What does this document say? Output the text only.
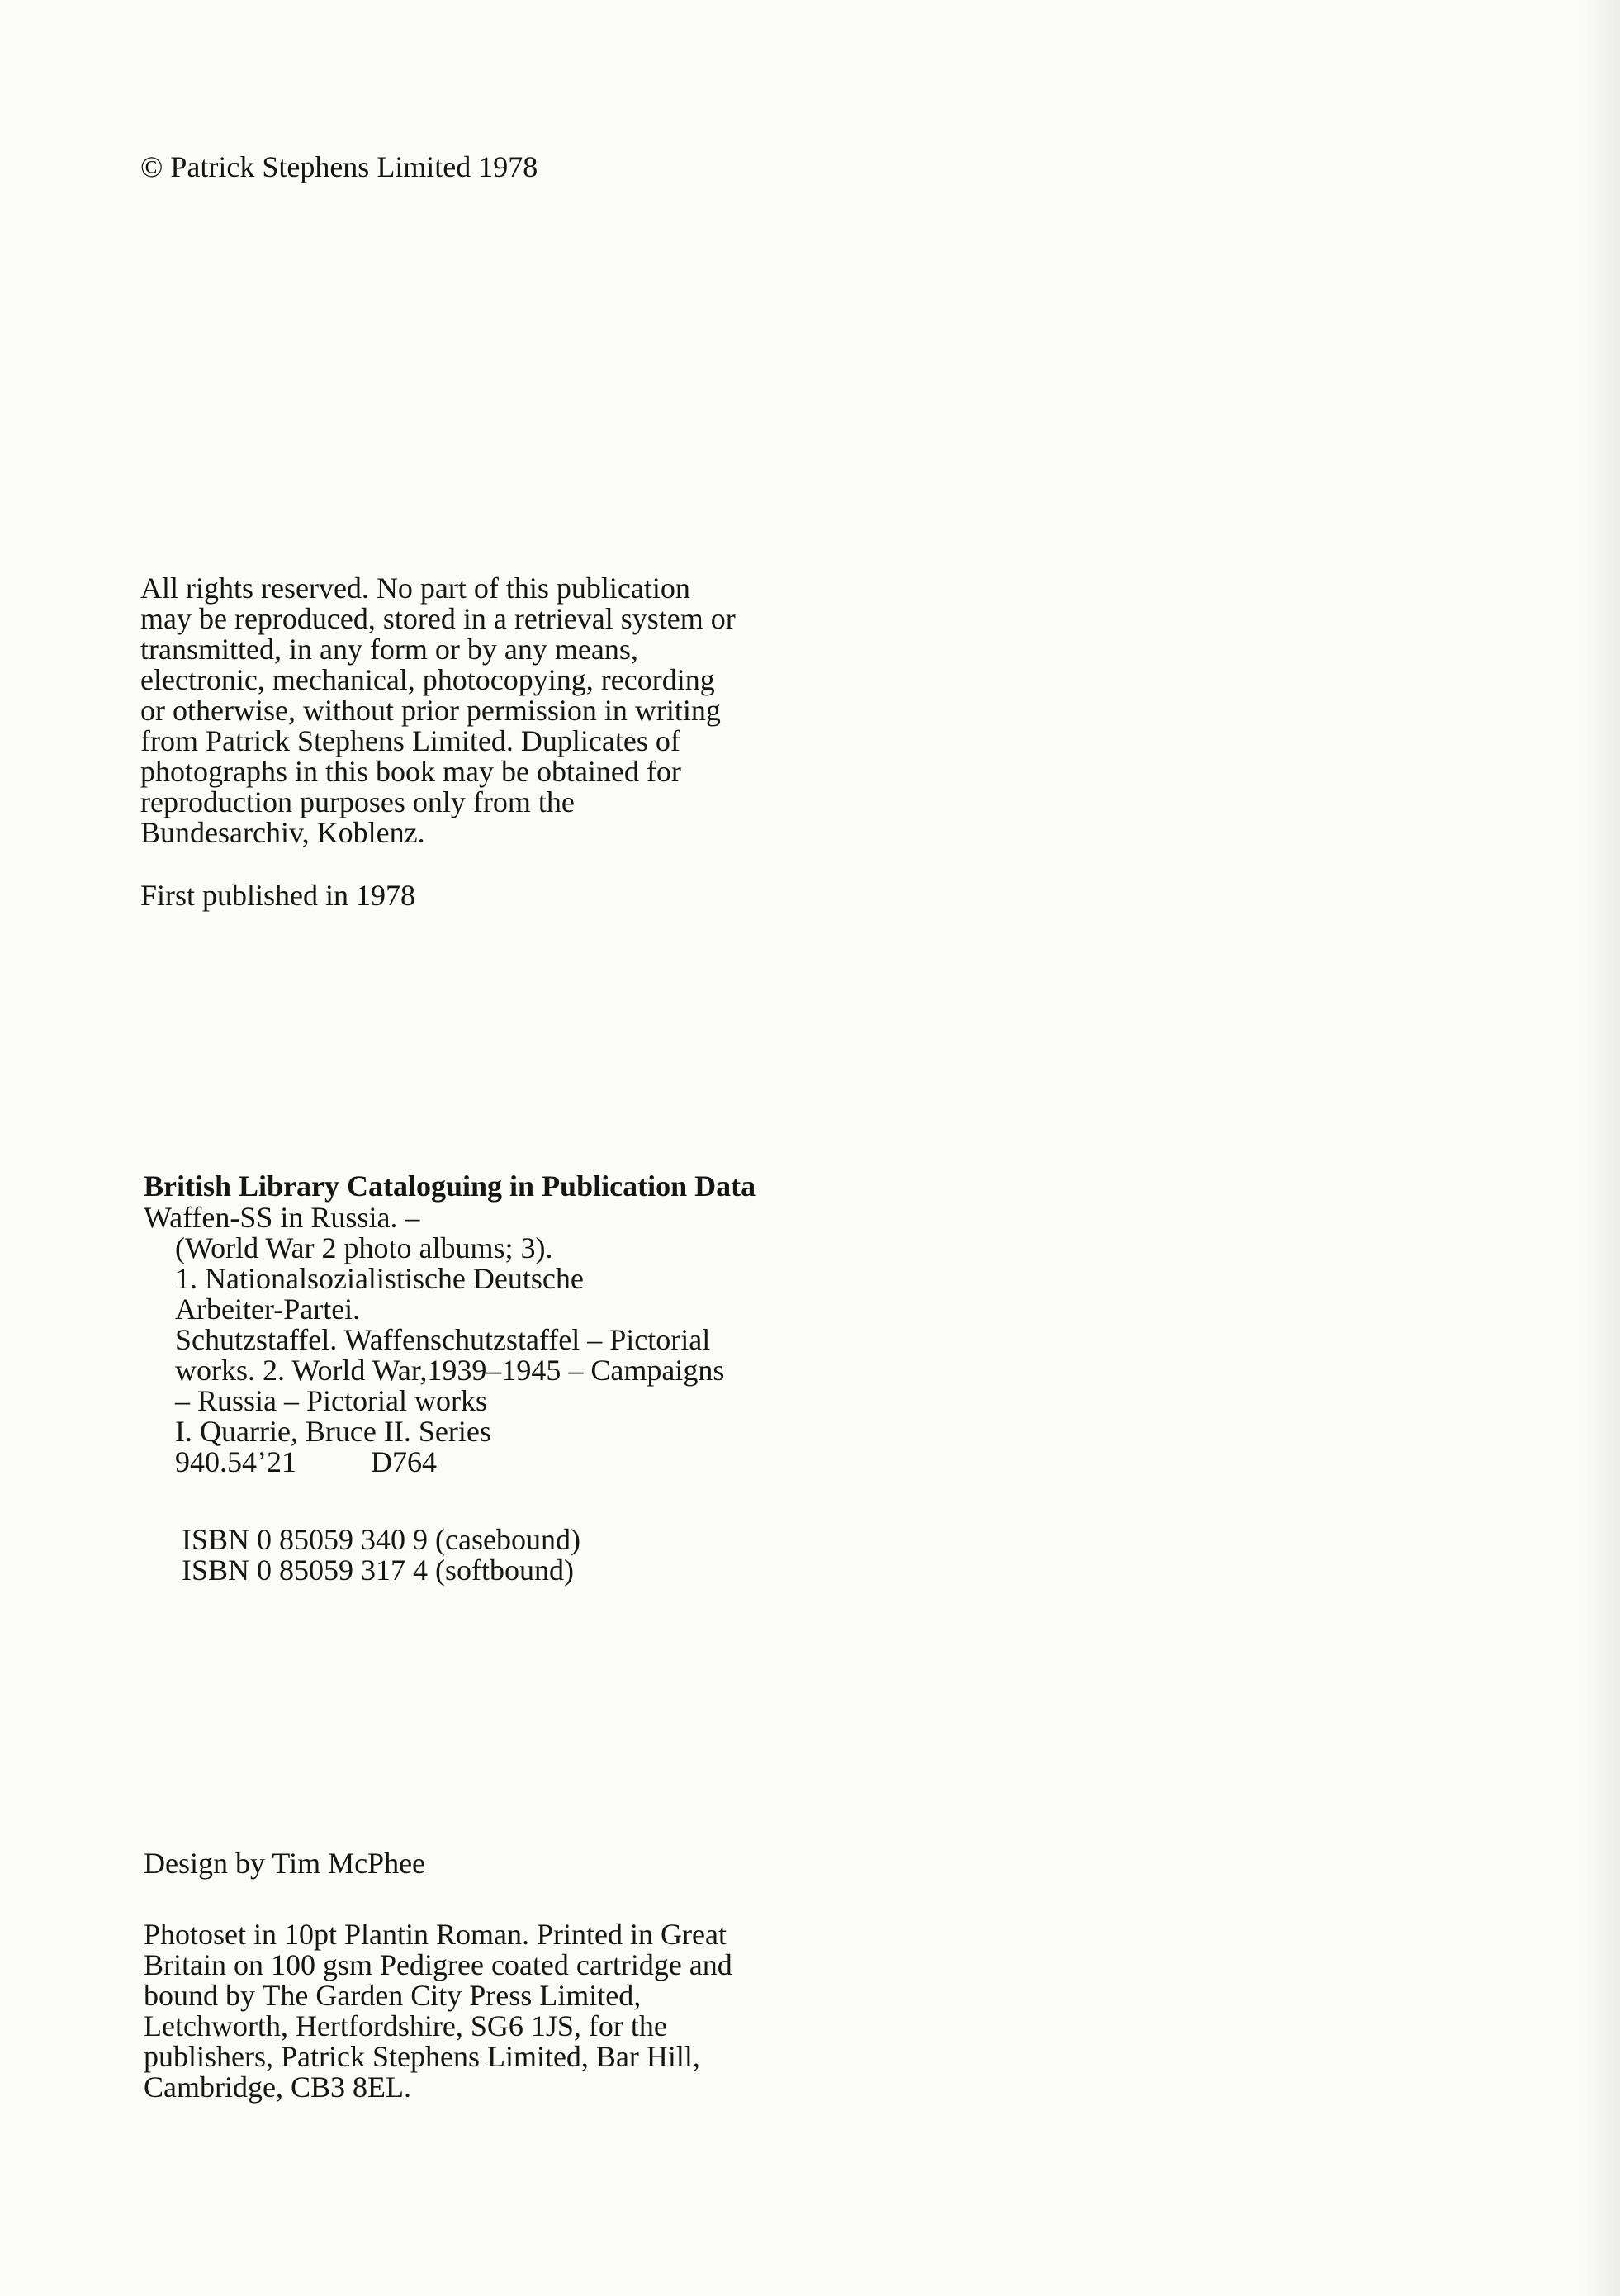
© Patrick Stephens Limited 1978
All rights reserved. No part of this publication
may be reproduced, stored in a retrieval system or
transmitted, in any form or by any means,
electronic, mechanical, photocopying, recording
or otherwise, without prior permission in writing
from Patrick Stephens Limited. Duplicates of
photographs in this book may be obtained for
reproduction purposes only from the
Bundesarchiv, Koblenz.
First published in 1978
British Library Cataloguing in Publication Data
Waffen-SS in Russia. –
(World War 2 photo albums; 3).
1. Nationalsozialistische Deutsche
Arbeiter-Partei.
Schutzstaffel. Waffenschutzstaffel – Pictorial
works. 2. World War,1939–1945 – Campaigns
– Russia – Pictorial works
I. Quarrie, Bruce II. Series
940.54’21	D764
ISBN 0 85059 340 9 (casebound)
ISBN 0 85059 317 4 (softbound)
Design by Tim McPhee
Photoset in 10pt Plantin Roman. Printed in Great
Britain on 100 gsm Pedigree coated cartridge and
bound by The Garden City Press Limited,
Letchworth, Hertfordshire, SG6 1JS, for the
publishers, Patrick Stephens Limited, Bar Hill,
Cambridge, CB3 8EL.
